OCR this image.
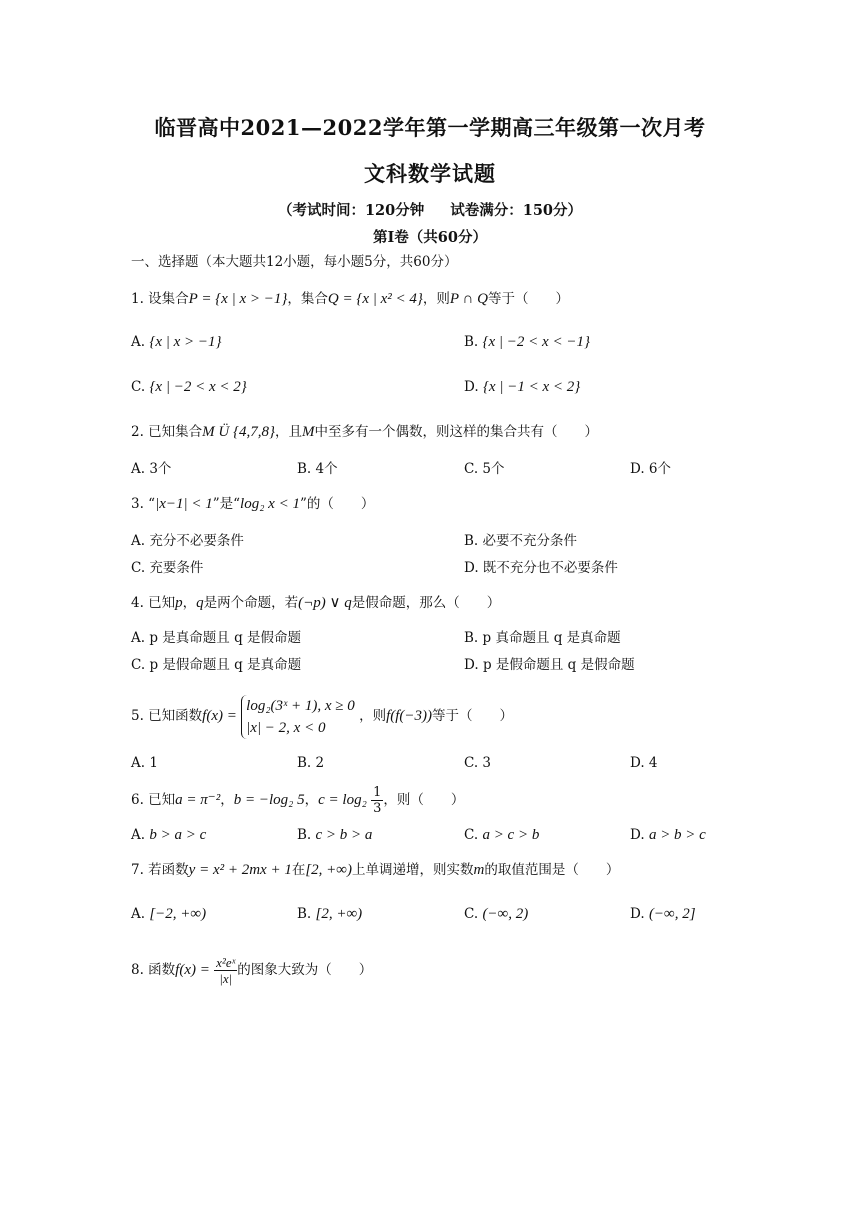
临晋高中2021—2022学年第一学期高三年级第一次月考
文科数学试题
（考试时间：120分钟 试卷满分：150分）
第Ⅰ卷（共60分）
一、选择题（本大题共12小题，每小题5分，共60分）
1. 设集合P = {x | x > −1}，集合Q = {x | x² < 4}，则P ∩ Q等于（　　）
A. {x | x > −1}	B. {x | −2 < x < −1}
C. {x | −2 < x < 2}	D. {x | −1 < x < 2}
2. 已知集合M Ü {4,7,8}，且M中至多有一个偶数，则这样的集合共有（　　）
A. 3个	B. 4个	C. 5个	D. 6个
3. “|x−1| < 1”是“log₂ x < 1”的（　　）
A. 充分不必要条件	B. 必要不充分条件
C. 充要条件	D. 既不充分也不必要条件
4. 已知p，q是两个命题，若(¬p) ∨ q是假命题，那么（　　）
A. p 是真命题且 q 是假命题	B. p 真命题且 q 是真命题
C. p 是假命题且 q 是真命题	D. p 是假命题且 q 是假命题
5. 已知函数f(x) =
log₂(3ˣ + 1), x ≥ 0
|x| − 2, x < 0
，则f(f(−3))等于（　　）
A. 1	B. 2	C. 3	D. 4
6. 已知a = π⁻²，b = −log₂ 5，$c = \log_2 \frac{1}{3}$ ，则（　　）
A. b > a > c	B. c > b > a	C. a > c > b	D. a > b > c
7. 若函数y = x² + 2mx + 1在[2, +∞)上单调递增，则实数m的取值范围是（　　）
A. [−2, +∞)	B. [2, +∞)	C. (−∞, 2)	D. (−∞, 2]
8. 函数$f(x) = \frac{\text{x²eˣ}}{|x|}$ 的图象大致为（　　）
